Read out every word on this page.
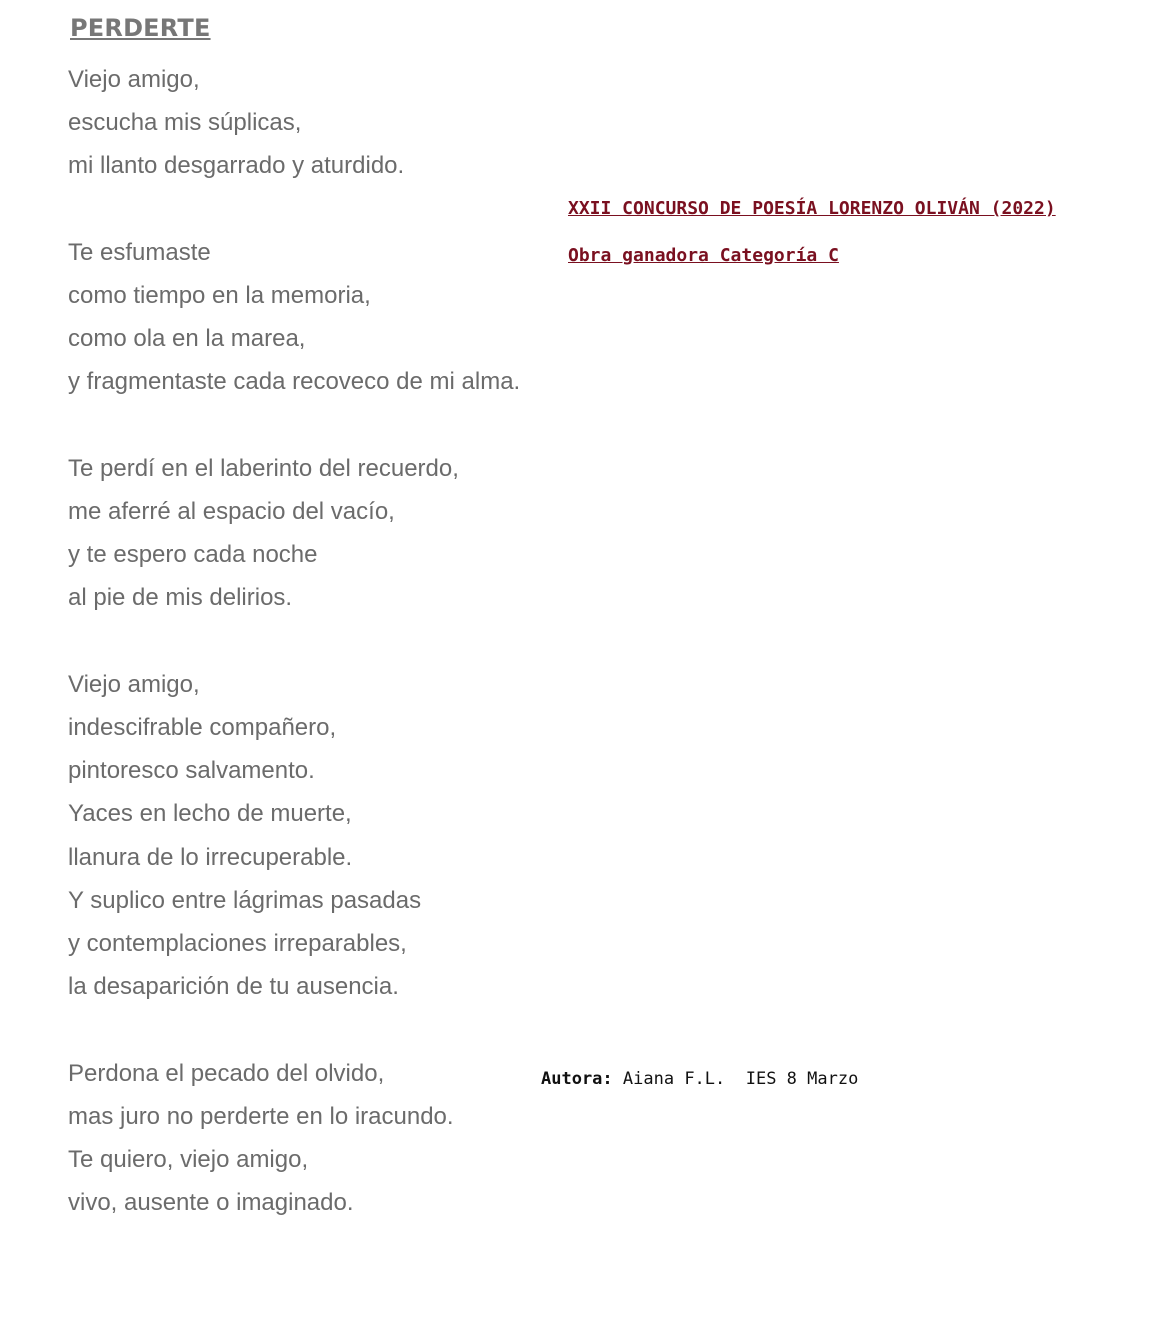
PERDERTE
Viejo amigo,
escucha mis súplicas,
mi llanto desgarrado y aturdido.
Te esfumaste
como tiempo en la memoria,
como ola en la marea,
y fragmentaste cada recoveco de mi alma.
Te perdí en el laberinto del recuerdo,
me aferré al espacio del vacío,
y te espero cada noche
al pie de mis delirios.
Viejo amigo,
indescifrable compañero,
pintoresco salvamento.
Yaces en lecho de muerte,
llanura de lo irrecuperable.
Y suplico entre lágrimas pasadas
y contemplaciones irreparables,
la desaparición de tu ausencia.
Perdona el pecado del olvido,
mas juro no perderte en lo iracundo.
Te quiero, viejo amigo,
vivo, ausente o imaginado.
XXII CONCURSO DE POESÍA LORENZO OLIVÁN (2022)
Obra ganadora Categoría C
Autora: Aiana F.L.  IES 8 Marzo
